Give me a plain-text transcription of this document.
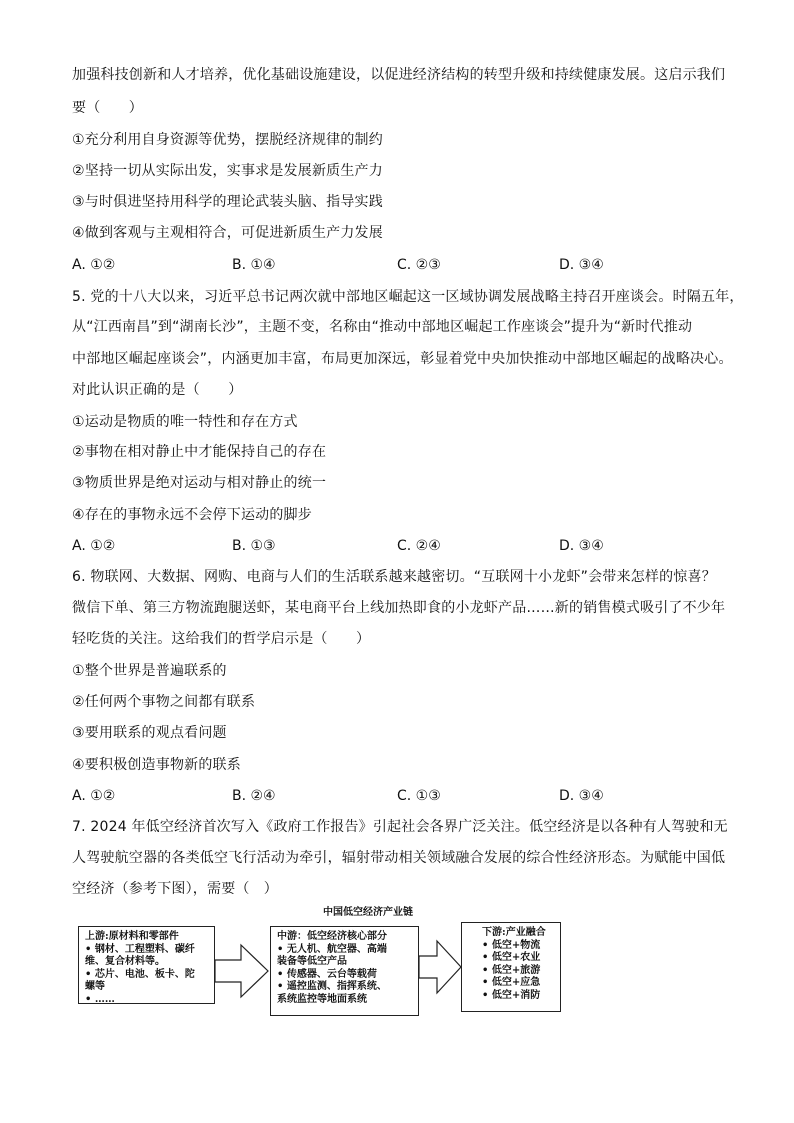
加强科技创新和人才培养，优化基础设施建设，以促进经济结构的转型升级和持续健康发展。这启示我们
要（　　）
①充分利用自身资源等优势，摆脱经济规律的制约
②坚持一切从实际出发，实事求是发展新质生产力
③与时俱进坚持用科学的理论武装头脑、指导实践
④做到客观与主观相符合，可促进新质生产力发展
A. ①②	B. ①④	C. ②③	D. ③④
5. 党的十八大以来，习近平总书记两次就中部地区崛起这一区域协调发展战略主持召开座谈会。时隔五年，
从“江西南昌”到“湖南长沙”，主题不变，名称由“推动中部地区崛起工作座谈会”提升为“新时代推动
中部地区崛起座谈会”，内涵更加丰富，布局更加深远，彰显着党中央加快推动中部地区崛起的战略决心。
对此认识正确的是（　　）
①运动是物质的唯一特性和存在方式
②事物在相对静止中才能保持自己的存在
③物质世界是绝对运动与相对静止的统一
④存在的事物永远不会停下运动的脚步
A. ①②	B. ①③	C. ②④	D. ③④
6. 物联网、大数据、网购、电商与人们的生活联系越来越密切。“互联网十小龙虾”会带来怎样的惊喜？
微信下单、第三方物流跑腿送虾，某电商平台上线加热即食的小龙虾产品……新的销售模式吸引了不少年
轻吃货的关注。这给我们的哲学启示是（　　）
①整个世界是普遍联系的
②任何两个事物之间都有联系
③要用联系的观点看问题
④要积极创造事物新的联系
A. ①②	B. ②④	C. ①③	D. ③④
7. 2024 年低空经济首次写入《政府工作报告》引起社会各界广泛关注。低空经济是以各种有人驾驶和无
人驾驶航空器的各类低空飞行活动为牵引，辐射带动相关领域融合发展的综合性经济形态。为赋能中国低
空经济（参考下图），需要（　）
中国低空经济产业链
上游:原材料和零部件
• 钢材、工程塑料、碳纤
维、复合材料等。
• 芯片、电池、板卡、陀
螺等
• ……
中游：低空经济核心部分
• 无人机、航空器、高端
装备等低空产品
• 传感器、云台等载荷
• 遥控监测、指挥系统、
系统监控等地面系统
下游:产业融合
• 低空+物流
• 低空+农业
• 低空+旅游
• 低空+应急
• 低空+消防
